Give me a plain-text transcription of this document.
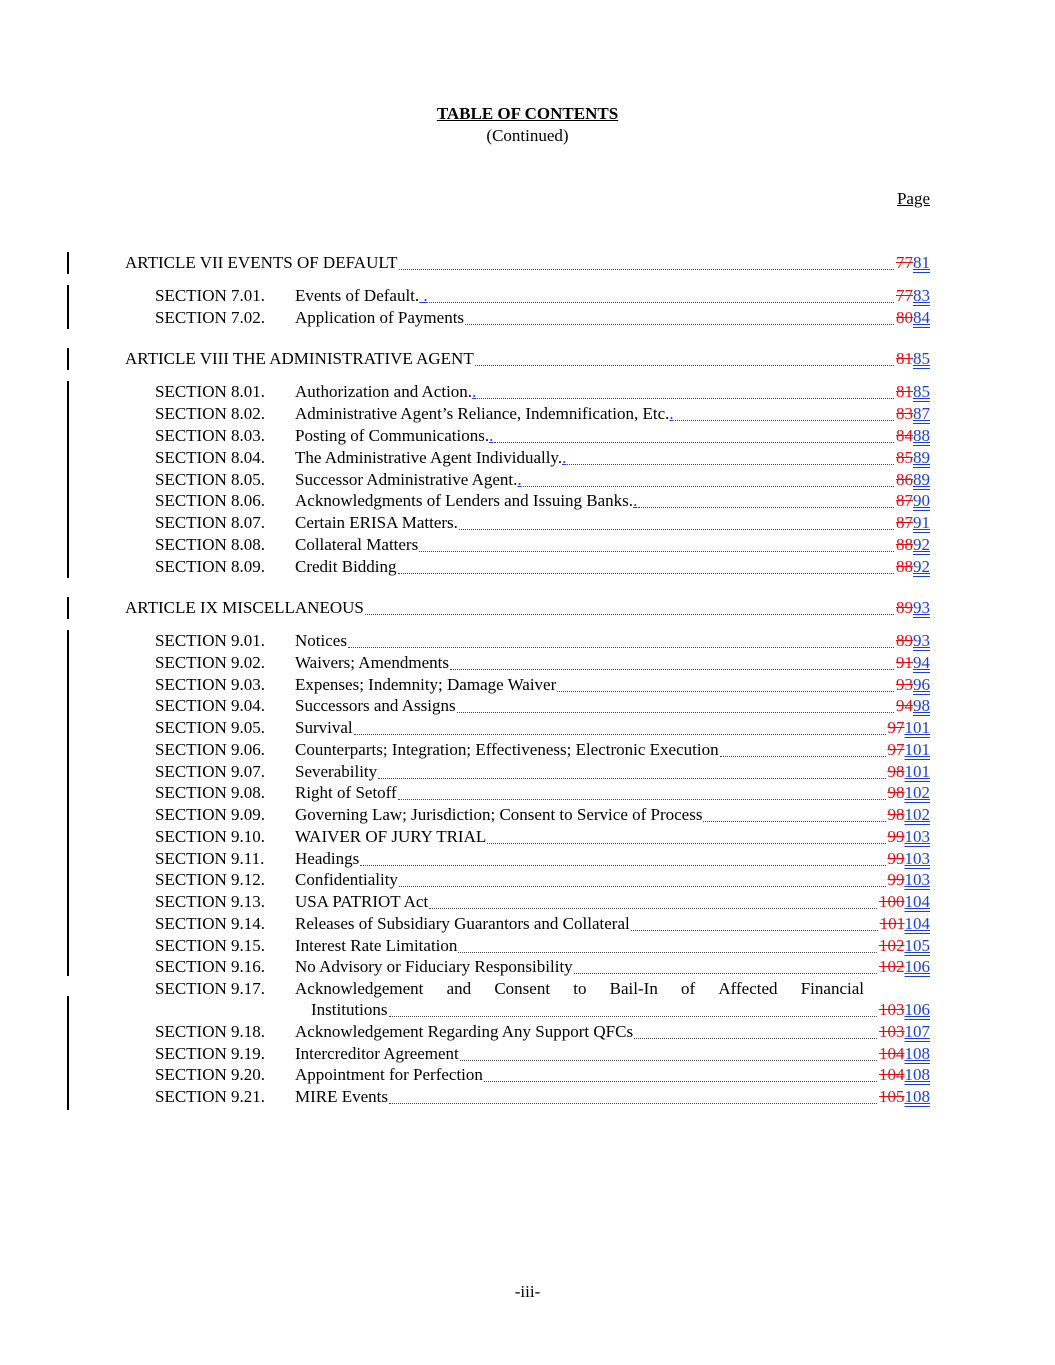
TABLE OF CONTENTS
(Continued)
Page
ARTICLE VII EVENTS OF DEFAULT	7781
SECTION 7.01. Events of Default. .	7783
SECTION 7.02. Application of Payments	8084
ARTICLE VIII THE ADMINISTRATIVE AGENT	8185
SECTION 8.01. Authorization and Action..	8185
SECTION 8.02. Administrative Agent’s Reliance, Indemnification, Etc..	8387
SECTION 8.03. Posting of Communications..	8488
SECTION 8.04. The Administrative Agent Individually..	8589
SECTION 8.05. Successor Administrative Agent..	8689
SECTION 8.06. Acknowledgments of Lenders and Issuing Banks..	8790
SECTION 8.07. Certain ERISA Matters.	8791
SECTION 8.08. Collateral Matters	8892
SECTION 8.09. Credit Bidding	8892
ARTICLE IX MISCELLANEOUS	8993
SECTION 9.01. Notices	8993
SECTION 9.02. Waivers; Amendments	9194
SECTION 9.03. Expenses; Indemnity; Damage Waiver	9396
SECTION 9.04. Successors and Assigns	9498
SECTION 9.05. Survival	97101
SECTION 9.06. Counterparts; Integration; Effectiveness; Electronic Execution	97101
SECTION 9.07. Severability	98101
SECTION 9.08. Right of Setoff	98102
SECTION 9.09. Governing Law; Jurisdiction; Consent to Service of Process	98102
SECTION 9.10. WAIVER OF JURY TRIAL	99103
SECTION 9.11. Headings	99103
SECTION 9.12. Confidentiality	99103
SECTION 9.13. USA PATRIOT Act	100104
SECTION 9.14. Releases of Subsidiary Guarantors and Collateral	101104
SECTION 9.15. Interest Rate Limitation	102105
SECTION 9.16. No Advisory or Fiduciary Responsibility	102106
SECTION 9.17. Acknowledgement and Consent to Bail-In of Affected Financial
Institutions	103106
SECTION 9.18. Acknowledgement Regarding Any Support QFCs	103107
SECTION 9.19. Intercreditor Agreement	104108
SECTION 9.20. Appointment for Perfection	104108
SECTION 9.21. MIRE Events	105108
-iii-
